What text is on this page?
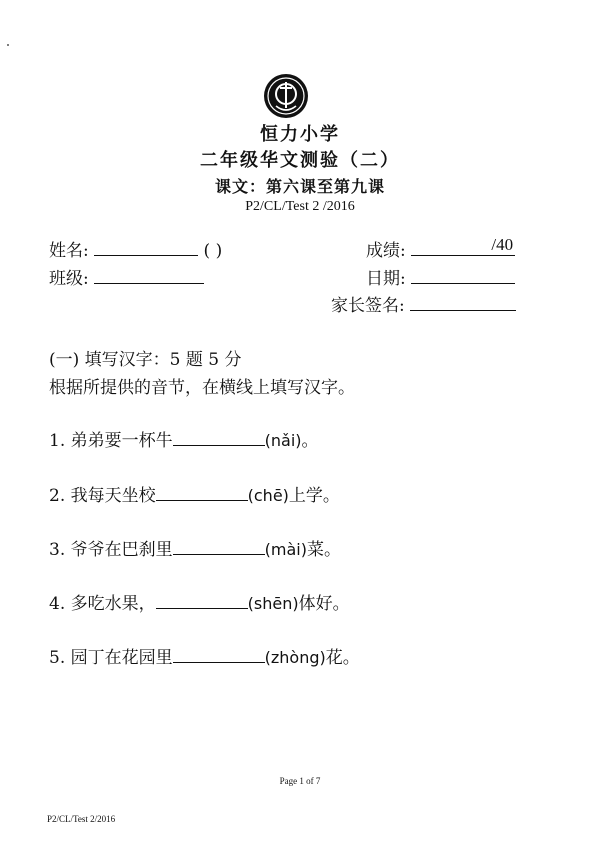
恒力小学
二年级华文测验（二）
课文：第六课至第九课
P2/CL/Test 2 /2016
姓名:	( )
班级:
成绩:	/40
日期:
家长签名:
(一) 填写汉字：5 题 5 分
根据所提供的音节，在横线上填写汉字。
1. 弟弟要一杯牛	(nǎi)。
2. 我每天坐校	(chē)上学。
3. 爷爷在巴刹里	(mài)菜。
4. 多吃水果，	(shēn)体好。
5. 园丁在花园里	(zhòng)花。
Page 1 of 7
P2/CL/Test 2/2016
